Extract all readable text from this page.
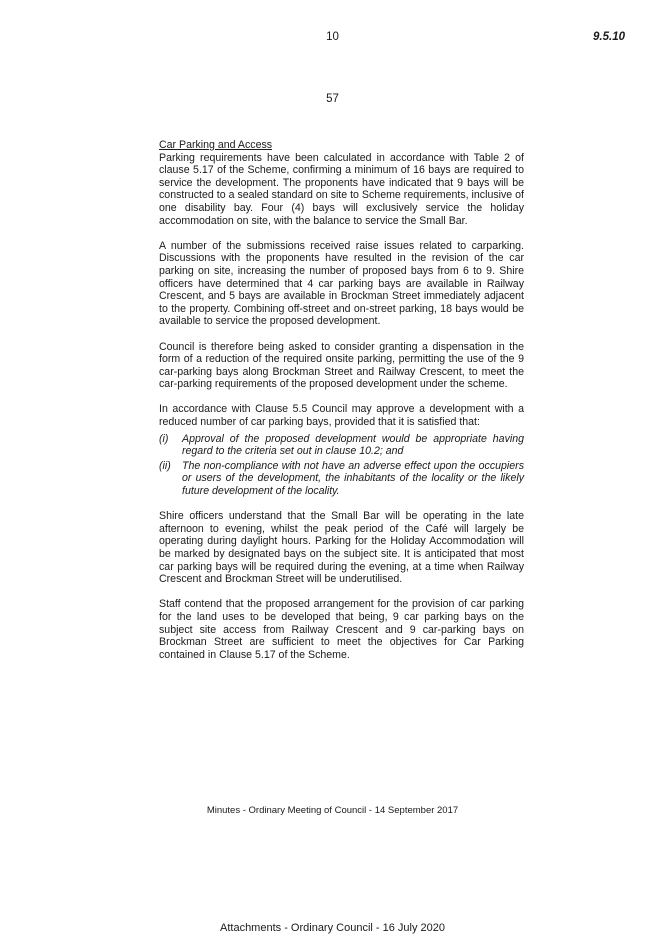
10	9.5.10
57

Car Parking and Access

Parking requirements have been calculated in accordance with Table 2 of clause 5.17 of the Scheme, confirming a minimum of 16 bays are required to service the development. The proponents have indicated that 9 bays will be constructed to a sealed standard on site to Scheme requirements, inclusive of one disability bay. Four (4) bays will exclusively service the holiday accommodation on site, with the balance to service the Small Bar.

A number of the submissions received raise issues related to carparking. Discussions with the proponents have resulted in the revision of the car parking on site, increasing the number of proposed bays from 6 to 9. Shire officers have determined that 4 car parking bays are available in Railway Crescent, and 5 bays are available in Brockman Street immediately adjacent to the property. Combining off-street and on-street parking, 18 bays would be available to service the proposed development.

Council is therefore being asked to consider granting a dispensation in the form of a reduction of the required onsite parking, permitting the use of the 9 car-parking bays along Brockman Street and Railway Crescent, to meet the car-parking requirements of the proposed development under the scheme.

In accordance with Clause 5.5 Council may approve a development with a reduced number of car parking bays, provided that it is satisfied that:

(i)	Approval of the proposed development would be appropriate having regard to the criteria set out in clause 10.2; and
(ii)	The non-compliance with not have an adverse effect upon the occupiers or users of the development, the inhabitants of the locality or the likely future development of the locality.

Shire officers understand that the Small Bar will be operating in the late afternoon to evening, whilst the peak period of the Café will largely be operating during daylight hours. Parking for the Holiday Accommodation will be marked by designated bays on the subject site. It is anticipated that most car parking bays will be required during the evening, at a time when Railway Crescent and Brockman Street will be underutilised.

Staff contend that the proposed arrangement for the provision of car parking for the land uses to be developed that being, 9 car parking bays on the subject site access from Railway Crescent and 9 car-parking bays on Brockman Street are sufficient to meet the objectives for Car Parking contained in Clause 5.17 of the Scheme.

Minutes - Ordinary Meeting of Council - 14 September 2017
Attachments - Ordinary Council - 16 July 2020
